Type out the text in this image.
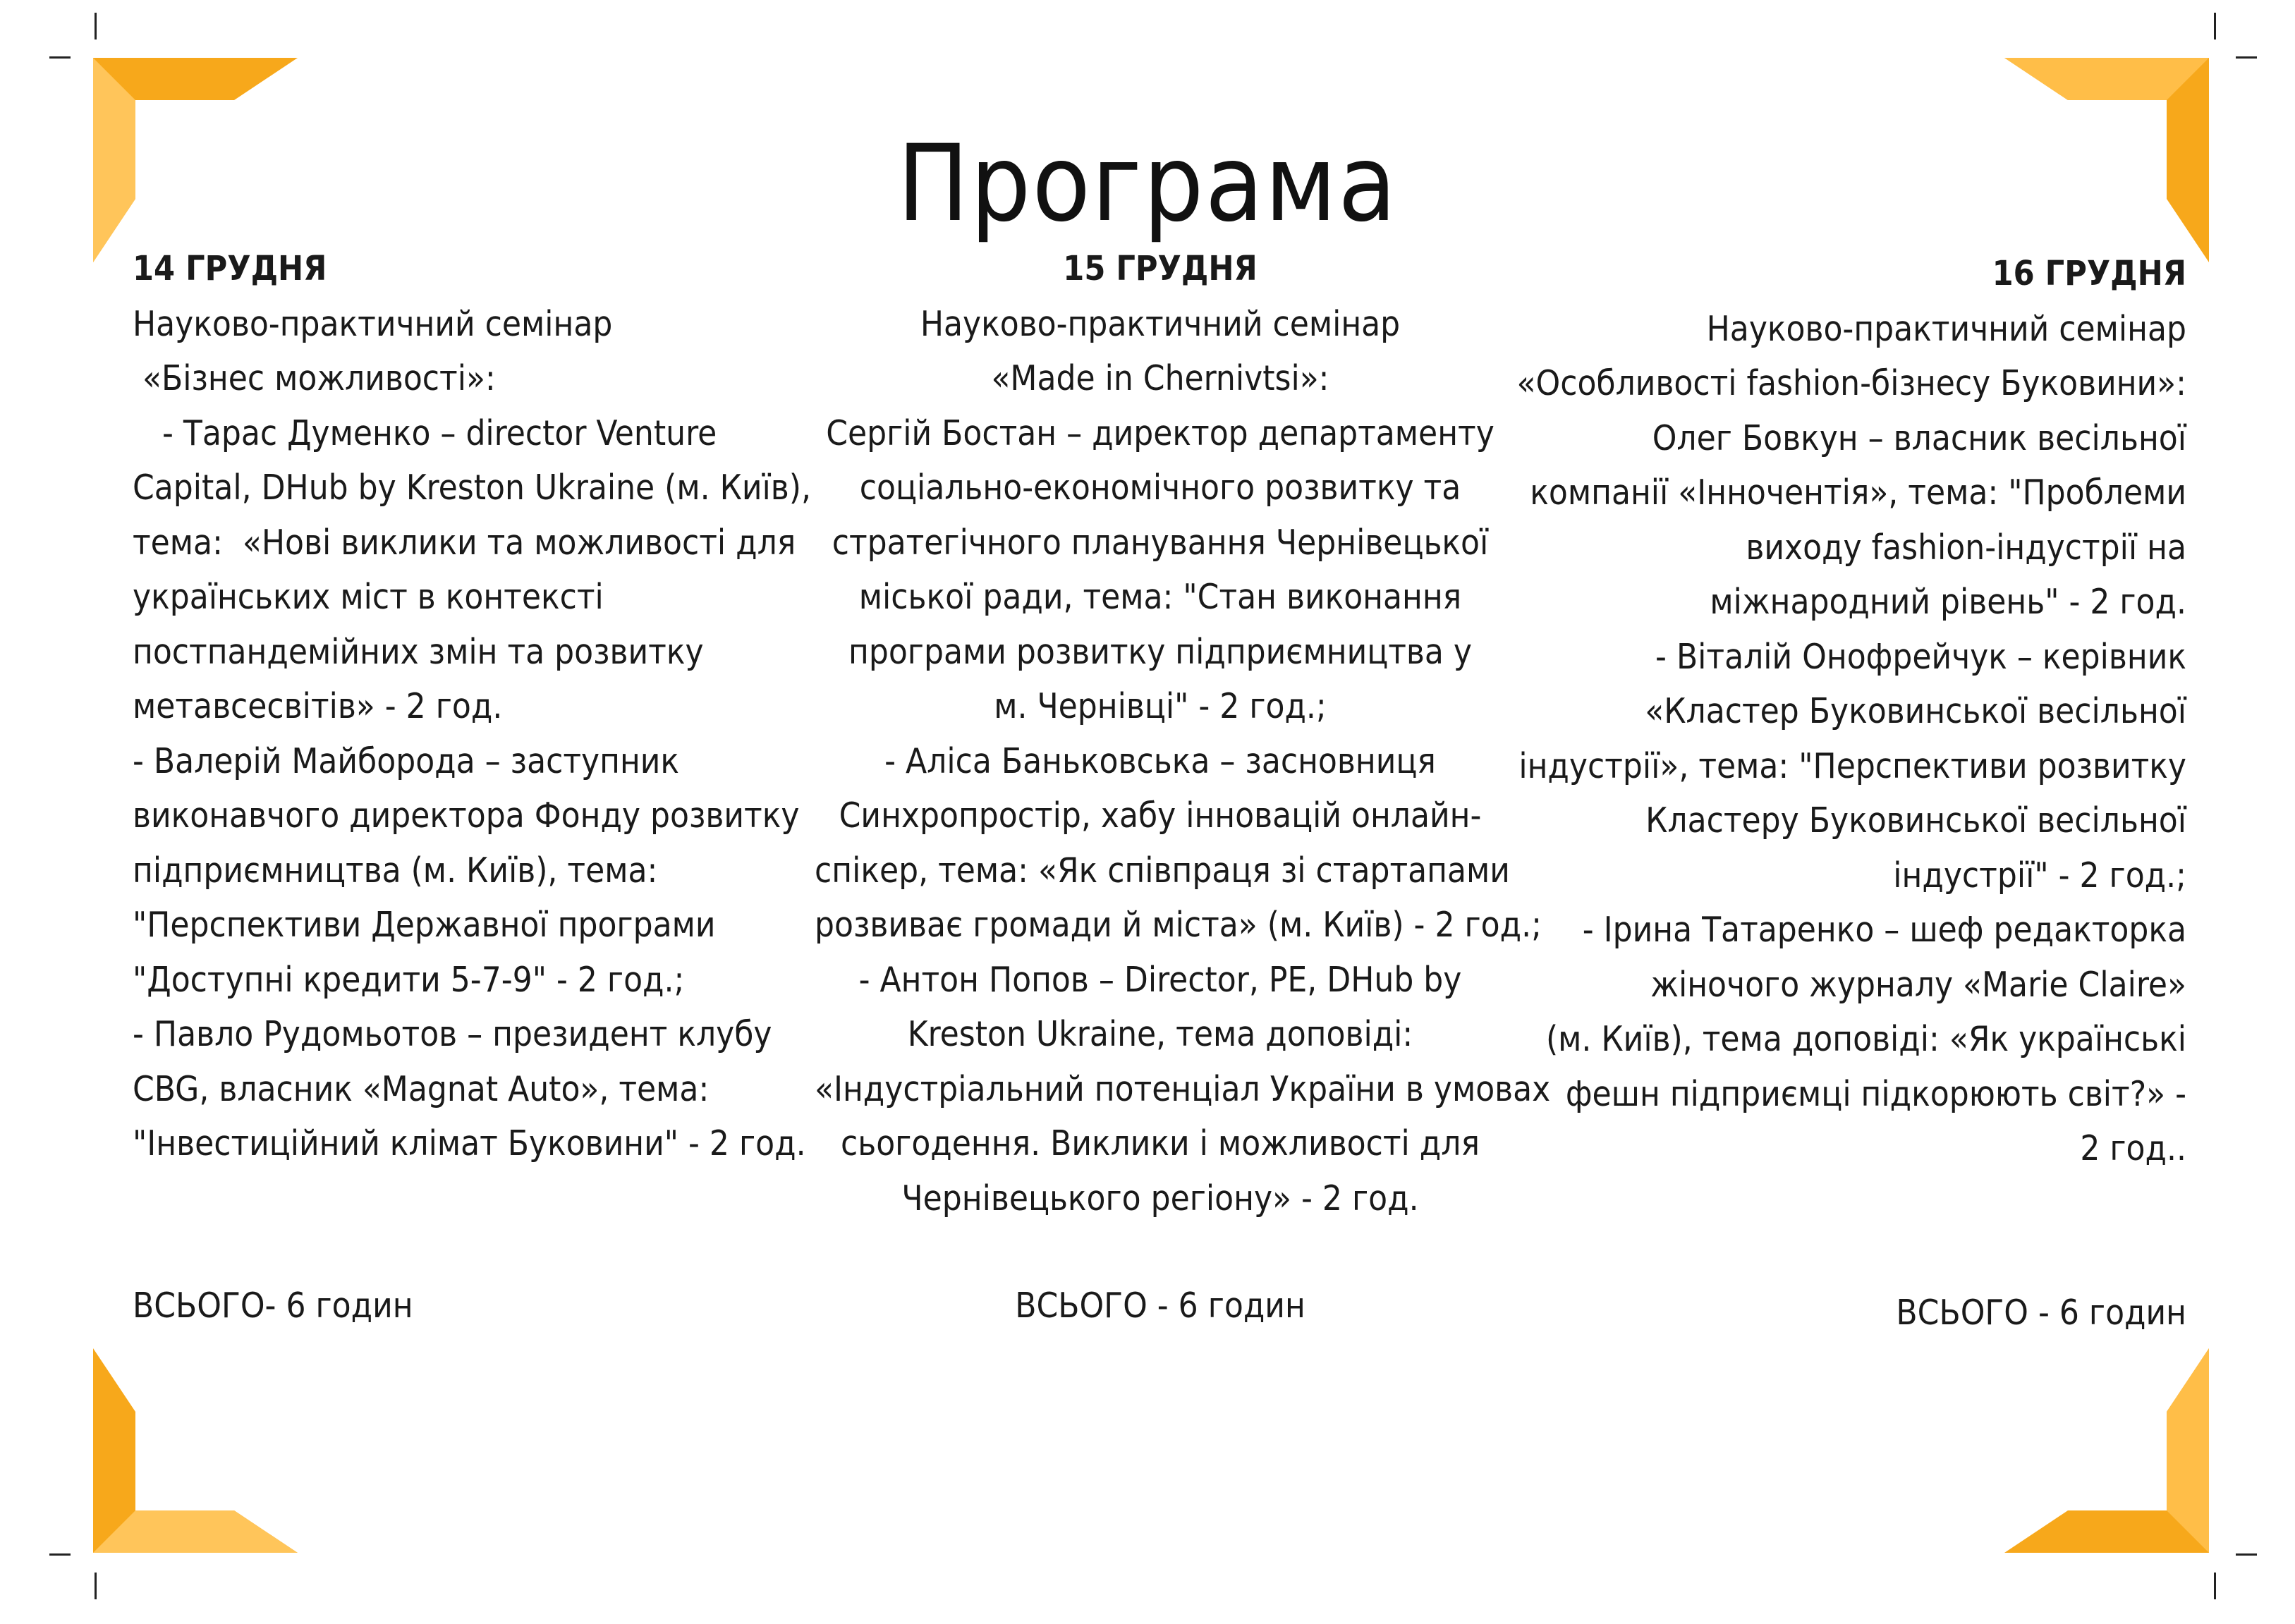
Програма

14 ГРУДНЯ

Науково-практичний семінар

«Бізнес можливості»:

- Тарас Думенко – director Venture

Capital, DHub by Kreston Ukraine (м. Київ),

тема:  «Нові виклики та можливості для

українських міст в контексті

постпандемійних змін та розвитку

метавсесвітів» - 2 год.

- Валерій Майборода – заступник

виконавчого директора Фонду розвитку

підприємництва (м. Київ), тема:

"Перспективи Державної програми

"Доступні кредити 5-7-9" - 2 год.;

- Павло Рудомьотов – президент клубу

CBG, власник «Magnat Auto», тема:

"Інвестиційний клімат Буковини" - 2 год.

15 ГРУДНЯ

Науково-практичний семінар

«Made in Chernivtsi»:

Сергій Бостан – директор департаменту

соціально-економічного розвитку та

стратегічного планування Чернівецької

міської ради, тема: "Стан виконання

програми розвитку підприємництва у

м. Чернівці" - 2 год.;

- Аліса Баньковська – засновниця

Синхропростір, хабу інновацій онлайн-

спікер, тема: «Як співпраця зі стартапами

розвиває громади й міста» (м. Київ) - 2 год.;

- Антон Попов – Director, PE, DHub by

Kreston Ukraine, тема доповіді:

«Індустріальний потенціал України в умовах

сьогодення. Виклики і можливості для

Чернівецького регіону» - 2 год.

16 ГРУДНЯ

Науково-практичний семінар

«Особливості fashion-бізнесу Буковини»:

Олег Бовкун – власник весільної

компанії «Інночентія», тема: "Проблеми

виходу fashion-індустрії на

міжнародний рівень" - 2 год.

- Віталій Онофрейчук – керівник

«Кластер Буковинської весільної

індустрії», тема: "Перспективи розвитку

Кластеру Буковинської весільної

індустрії" - 2 год.;

- Ірина Татаренко – шеф редакторка

жіночого журналу «Marie Claire»

(м. Київ), тема доповіді: «Як українські

фешн підприємці підкорюють світ?» -

2 год..

ВСЬОГО- 6 годин	ВСЬОГО - 6 годин	ВСЬОГО - 6 годин
